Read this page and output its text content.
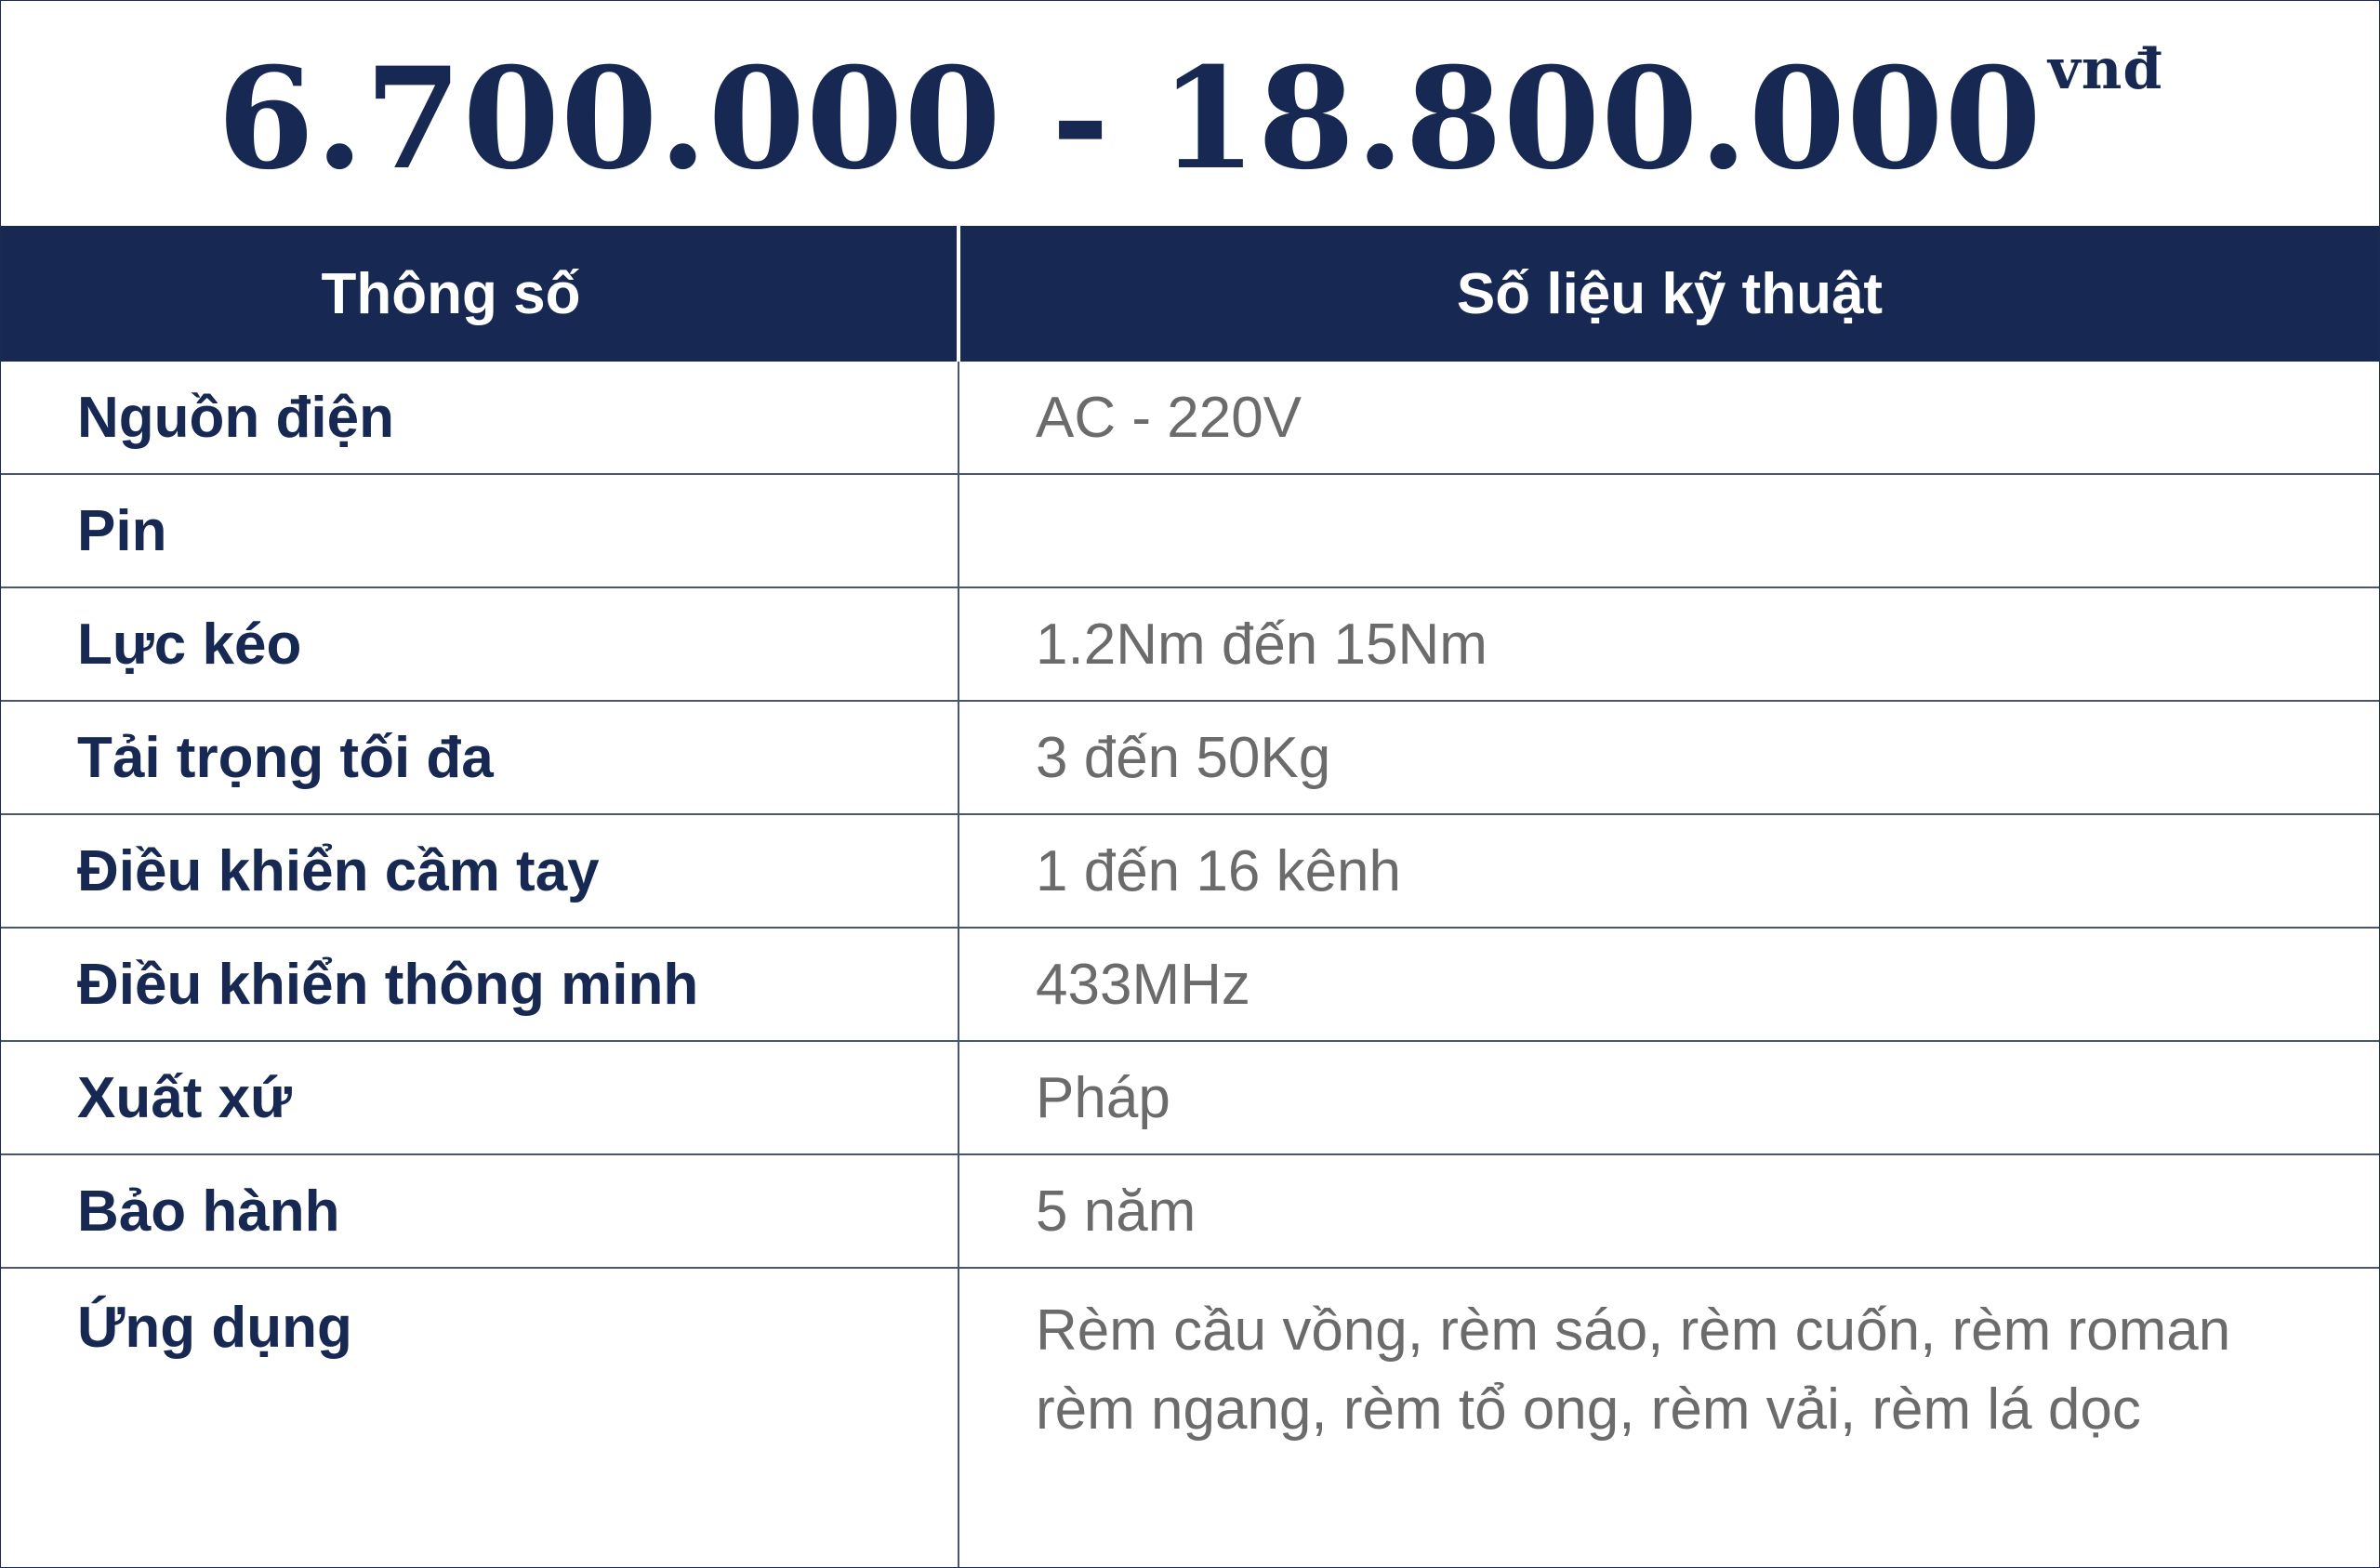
6.700.000 - 18.800.000 $^{vnđ}$
Thông số	Số liệu kỹ thuật
Nguồn điện	AC - 220V
Pin	
Lực kéo	1.2Nm đến 15Nm
Tải trọng tối đa	3 đến 50Kg
Điều khiển cầm tay	1 đến 16 kênh
Điều khiển thông minh	433MHz
Xuất xứ	Pháp
Bảo hành	5 năm
Ứng dụng	Rèm cầu vồng, rèm sáo, rèm cuốn, rèm roman
rèm ngang, rèm tổ ong, rèm vải, rèm lá dọc
